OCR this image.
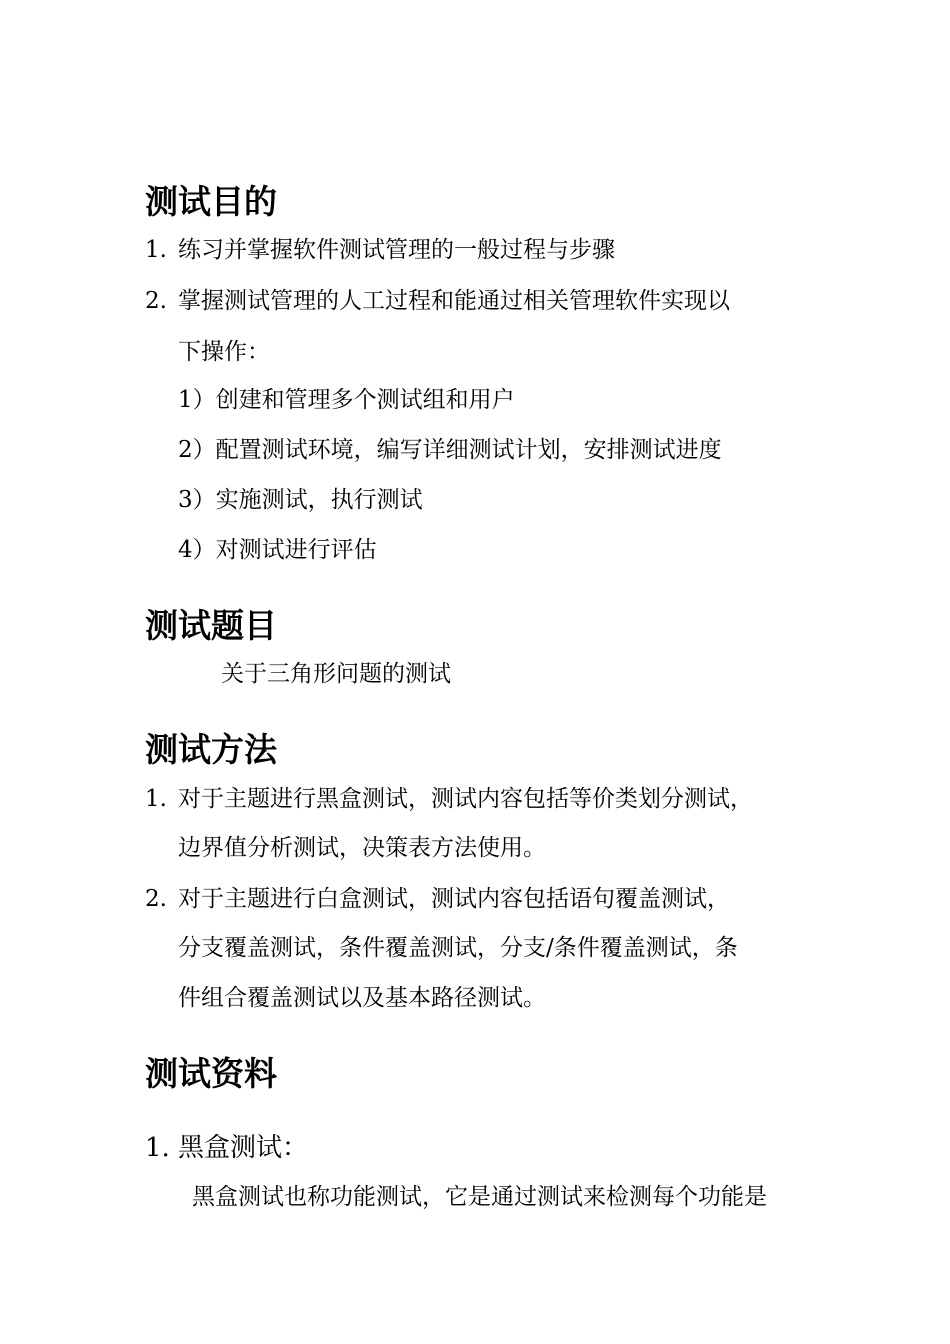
测试目的
1. 练习并掌握软件测试管理的一般过程与步骤
2. 掌握测试管理的人工过程和能通过相关管理软件实现以
下操作：
1）创建和管理多个测试组和用户
2）配置测试环境，编写详细测试计划，安排测试进度
3）实施测试，执行测试
4）对测试进行评估
测试题目
关于三角形问题的测试
测试方法
1. 对于主题进行黑盒测试，测试内容包括等价类划分测试，
边界值分析测试，决策表方法使用。
2. 对于主题进行白盒测试，测试内容包括语句覆盖测试，
分支覆盖测试，条件覆盖测试，分支/条件覆盖测试，条
件组合覆盖测试以及基本路径测试。
测试资料
1. 黑盒测试：
黑盒测试也称功能测试，它是通过测试来检测每个功能是
